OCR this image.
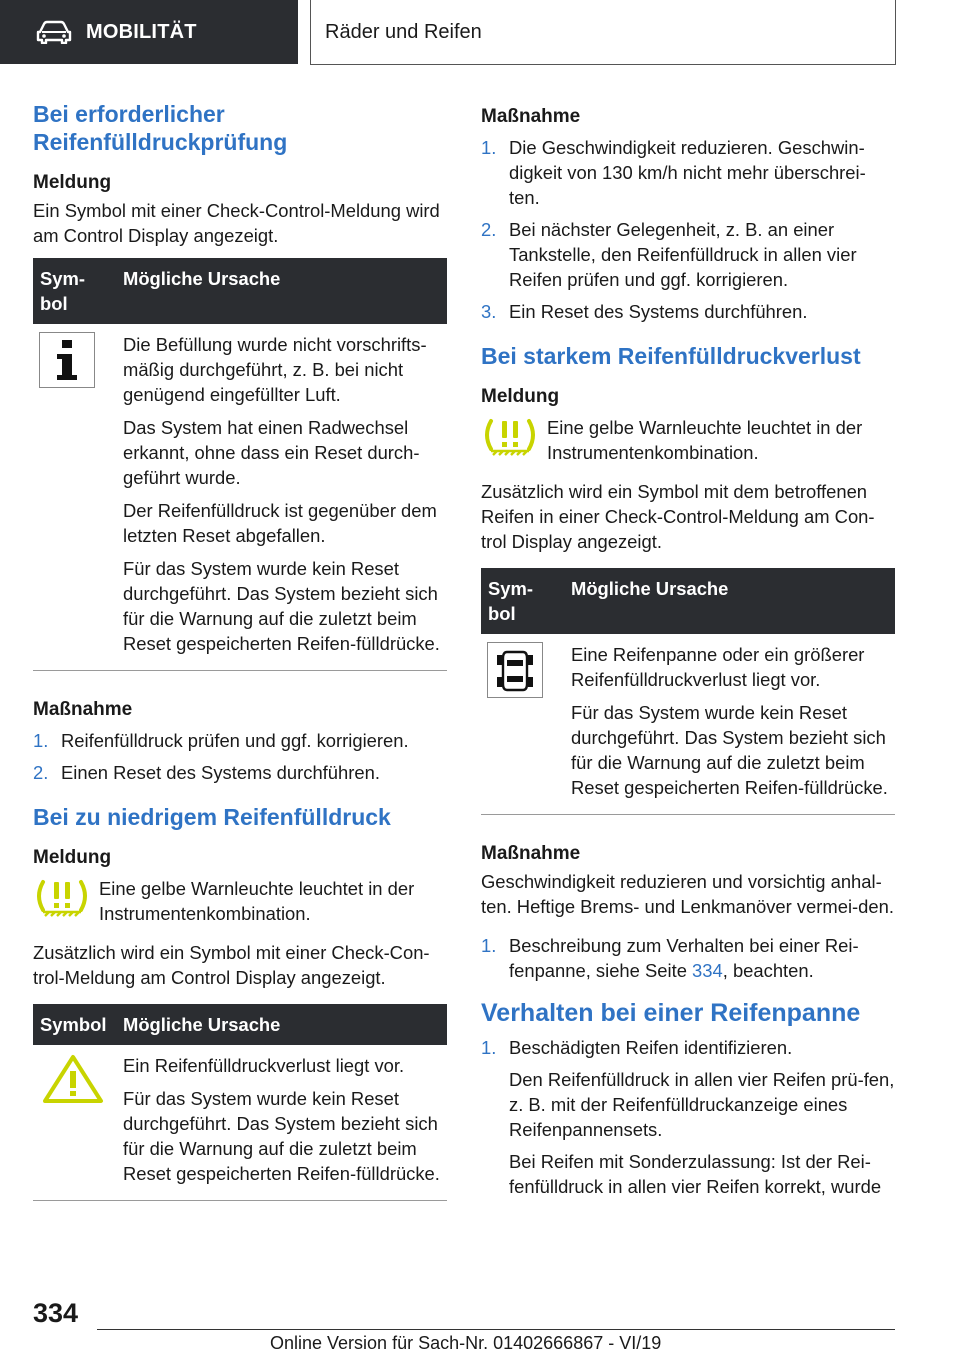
MOBILITÄT	Räder und Reifen
Bei erforderlicher Reifenfülldruckprüfung
Meldung

Ein Symbol mit einer Check-Control-Meldung wird am Control Display angezeigt.

Sym-
bol
Mögliche Ursache

Die Befüllung wurde nicht vorschrifts-mäßig durchgeführt, z. B. bei nicht genügend eingefüllter Luft.

Das System hat einen Radwechsel erkannt, ohne dass ein Reset durch-geführt wurde.

Der Reifenfülldruck ist gegenüber dem letzten Reset abgefallen.

Für das System wurde kein Reset durchgeführt. Das System bezieht sich für die Warnung auf die zuletzt beim Reset gespeicherten Reifen-fülldrücke.

Maßnahme
1. Reifenfülldruck prüfen und ggf. korrigieren.
2. Einen Reset des Systems durchführen.
Bei zu niedrigem Reifenfülldruck
Meldung

Eine gelbe Warnleuchte leuchtet in der Instrumentenkombination.

Zusätzlich wird ein Symbol mit einer Check-Con-trol-Meldung am Control Display angezeigt.

Symbol Mögliche Ursache

Ein Reifenfülldruckverlust liegt vor.

Für das System wurde kein Reset durchgeführt. Das System bezieht sich für die Warnung auf die zuletzt beim Reset gespeicherten Reifen-fülldrücke.

Maßnahme
1. Die Geschwindigkeit reduzieren. Geschwin-digkeit von 130 km/h nicht mehr überschrei-ten.
2. Bei nächster Gelegenheit, z. B. an einer Tankstelle, den Reifenfülldruck in allen vier Reifen prüfen und ggf. korrigieren.
3. Ein Reset des Systems durchführen.
Bei starkem Reifenfülldruckverlust
Meldung

Eine gelbe Warnleuchte leuchtet in der Instrumentenkombination.

Zusätzlich wird ein Symbol mit dem betroffenen Reifen in einer Check-Control-Meldung am Con-trol Display angezeigt.

Sym-
bol
Mögliche Ursache

Eine Reifenpanne oder ein größerer Reifenfülldruckverlust liegt vor.

Für das System wurde kein Reset durchgeführt. Das System bezieht sich für die Warnung auf die zuletzt beim Reset gespeicherten Reifen-fülldrücke.

Maßnahme

Geschwindigkeit reduzieren und vorsichtig anhal-ten. Heftige Brems- und Lenkmanöver vermei-den.

1. Beschreibung zum Verhalten bei einer Rei-fenpanne, siehe Seite 334, beachten.
Verhalten bei einer Reifenpanne
1. Beschädigten Reifen identifizieren.

Den Reifenfülldruck in allen vier Reifen prü-fen, z. B. mit der Reifenfülldruckanzeige eines Reifenpannensets.

Bei Reifen mit Sonderzulassung: Ist der Rei-fenfülldruck in allen vier Reifen korrekt, wurde

334
Online Version für Sach-Nr. 01402666867 - VI/19
